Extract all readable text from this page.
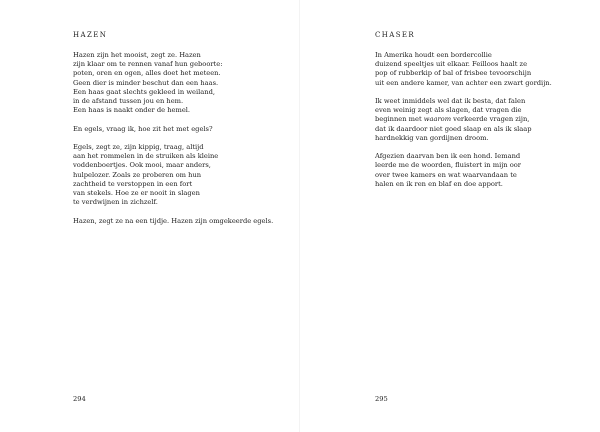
HAZEN
Hazen zijn het mooist, zegt ze. Hazen
zijn klaar om te rennen vanaf hun geboorte:
poten, oren en ogen, alles doet het meteen.
Geen dier is minder beschut dan een haas.
Een haas gaat slechts gekleed in weiland,
in de afstand tussen jou en hem.
Een haas is naakt onder de hemel.
En egels, vraag ik, hoe zit het met egels?
Egels, zegt ze, zijn kippig, traag, altijd
aan het rommelen in de struiken als kleine
voddenboertjes. Ook mooi, maar anders,
hulpelozer. Zoals ze proberen om hun
zachtheid te verstoppen in een fort
van stekels. Hoe ze er nooit in slagen
te verdwijnen in zichzelf.
Hazen, zegt ze na een tijdje. Hazen zijn omgekeerde egels.
294
CHASER
In Amerika houdt een bordercollie
duizend speeltjes uit elkaar. Feilloos haalt ze
pop of rubberkip of bal of frisbee tevoorschijn
uit een andere kamer, van achter een zwart gordijn.
Ik weet inmiddels wel dat ik besta, dat falen
even weinig zegt als slagen, dat vragen die
beginnen met waarom verkeerde vragen zijn,
dat ik daardoor niet goed slaap en als ik slaap
hardnekkig van gordijnen droom.
Afgezien daarvan ben ik een hond. Iemand
leerde me de woorden, fluistert in mijn oor
over twee kamers en wat waarvandaan te
halen en ik ren en blaf en doe apport.
295
